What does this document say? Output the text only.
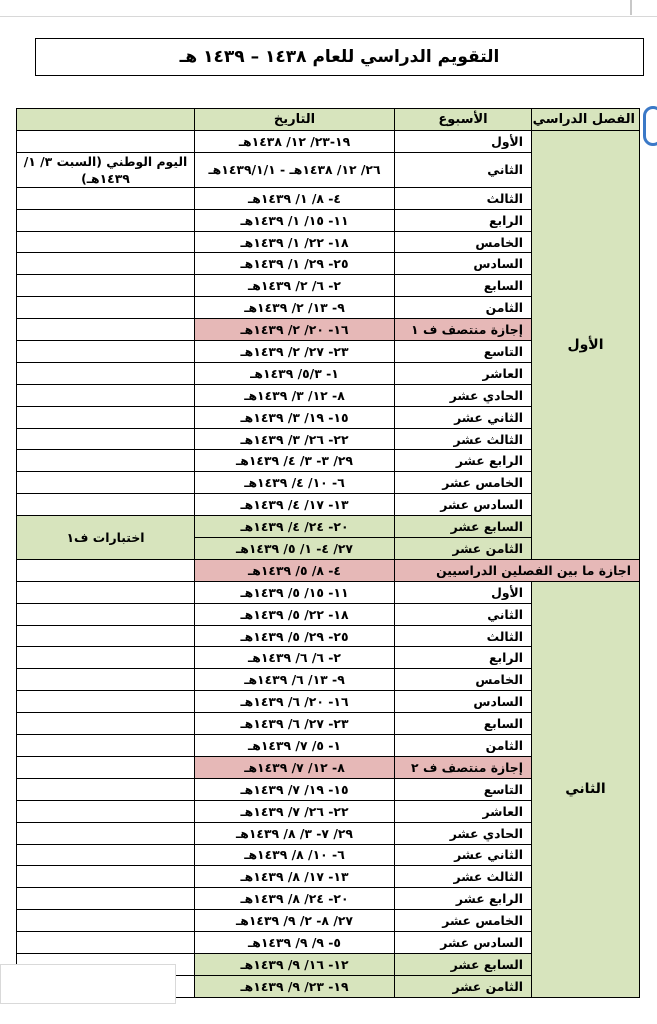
التقويم الدراسي للعام ١٤٣٨ – ١٤٣٩ هـ
الفصل الدراسي	الأسبوع	التاريخ	
الأول	الأول	١٩-٢٣/ ١٢/ ١٤٣٨هـ	
	الثاني	٢٦/ ١٢/ ١٤٣٨هـ - ١٤٣٩/١/١هـ	اليوم الوطني (السبت ٣/ ١/ ١٤٣٩هـ)
	الثالث	٤- ٨/ ١/ ١٤٣٩هـ	
	الرابع	١١- ١٥/ ١/ ١٤٣٩هـ	
	الخامس	١٨- ٢٢/ ١/ ١٤٣٩هـ	
	السادس	٢٥- ٢٩/ ١/ ١٤٣٩هـ	
	السابع	٢- ٦/ ٢/ ١٤٣٩هـ	
	الثامن	٩- ١٣/ ٢/ ١٤٣٩هـ	
	إجازة منتصف ف ١	١٦- ٢٠/ ٢/ ١٤٣٩هـ	
	التاسع	٢٣- ٢٧/ ٢/ ١٤٣٩هـ	
	العاشر	١- ٥/٣/ ١٤٣٩هـ	
	الحادي عشر	٨- ١٢/ ٣/ ١٤٣٩هـ	
	الثاني عشر	١٥- ١٩/ ٣/ ١٤٣٩هـ	
	الثالث عشر	٢٢- ٢٦/ ٣/ ١٤٣٩هـ	
	الرابع عشر	٢٩/ ٣- ٣/ ٤/ ١٤٣٩هـ	
	الخامس عشر	٦- ١٠/ ٤/ ١٤٣٩هـ	
	السادس عشر	١٣- ١٧/ ٤/ ١٤٣٩هـ	
	السابع عشر	٢٠- ٢٤/ ٤/ ١٤٣٩هـ	اختبارات ف١
	الثامن عشر	٢٧/ ٤- ١/ ٥/ ١٤٣٩هـ	
اجازة ما بين الفصلين الدراسيين		٤- ٨/ ٥/ ١٤٣٩هـ	
الثاني	الأول	١١- ١٥/ ٥/ ١٤٣٩هـ	
	الثاني	١٨- ٢٢/ ٥/ ١٤٣٩هـ	
	الثالث	٢٥- ٢٩/ ٥/ ١٤٣٩هـ	
	الرابع	٢- ٦/ ٦/ ١٤٣٩هـ	
	الخامس	٩- ١٣/ ٦/ ١٤٣٩هـ	
	السادس	١٦- ٢٠/ ٦/ ١٤٣٩هـ	
	السابع	٢٣- ٢٧/ ٦/ ١٤٣٩هـ	
	الثامن	١- ٥/ ٧/ ١٤٣٩هـ	
	إجازة منتصف ف ٢	٨- ١٢/ ٧/ ١٤٣٩هـ	
	التاسع	١٥- ١٩/ ٧/ ١٤٣٩هـ	
	العاشر	٢٢- ٢٦/ ٧/ ١٤٣٩هـ	
	الحادي عشر	٢٩/ ٧- ٣/ ٨/ ١٤٣٩هـ	
	الثاني عشر	٦- ١٠/ ٨/ ١٤٣٩هـ	
	الثالث عشر	١٣- ١٧/ ٨/ ١٤٣٩هـ	
	الرابع عشر	٢٠- ٢٤/ ٨/ ١٤٣٩هـ	
	الخامس عشر	٢٧/ ٨- ٢/ ٩/ ١٤٣٩هـ	
	السادس عشر	٥- ٩/ ٩/ ١٤٣٩هـ	
	السابع عشر	١٢- ١٦/ ٩/ ١٤٣٩هـ	
	الثامن عشر	١٩- ٢٣/ ٩/ ١٤٣٩هـ	
